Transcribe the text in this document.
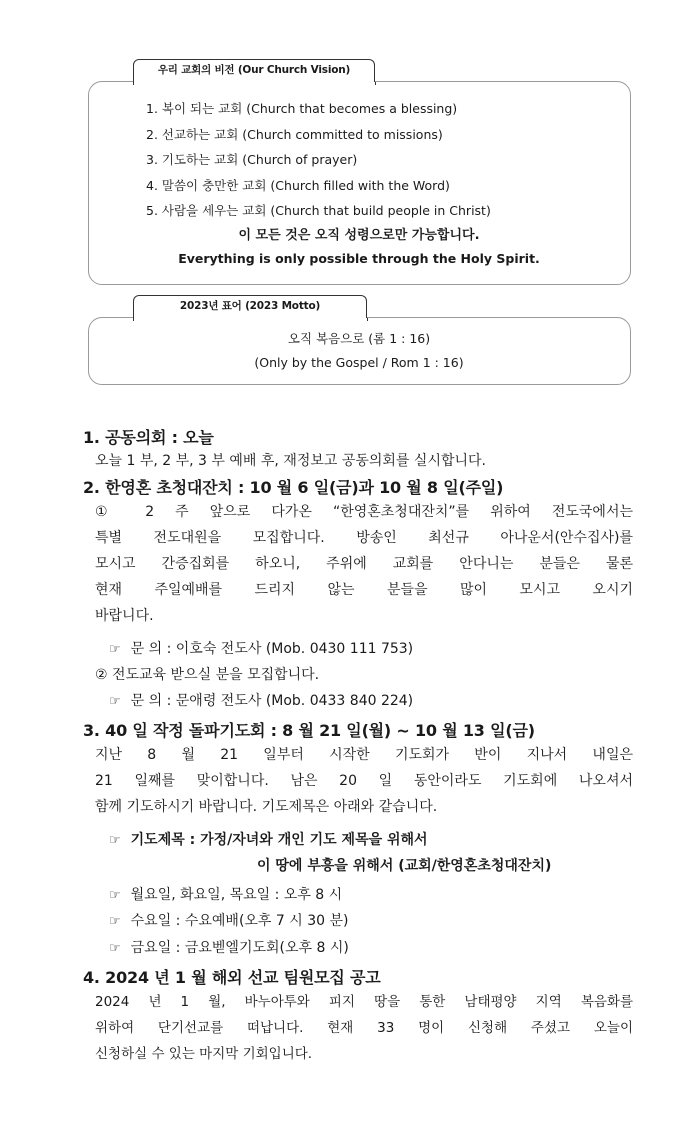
우리 교회의 비전 (Our Church Vision)
1. 복이 되는 교회 (Church that becomes a blessing)
2. 선교하는 교회 (Church committed to missions)
3. 기도하는 교회 (Church of prayer)
4. 말씀이 충만한 교회 (Church filled with the Word)
5. 사람을 세우는 교회 (Church that build people in Christ)
이 모든 것은 오직 성령으로만 가능합니다.
Everything is only possible through the Holy Spirit.
2023년 표어 (2023 Motto)
오직 복음으로 (롬 1 : 16)
(Only by the Gospel / Rom 1 : 16)
1. 공동의회 : 오늘
오늘 1 부, 2 부, 3 부 예배 후, 재정보고 공동의회를 실시합니다.
2. 한영혼 초청대잔치 : 10 월 6 일(금)과 10 월 8 일(주일)
① 2 주 앞으로 다가온 “한영혼초청대잔치”를 위하여 전도국에서는
특별 전도대원을 모집합니다. 방송인 최선규 아나운서(안수집사)를
모시고 간증집회를 하오니, 주위에 교회를 안다니는 분들은 물론
현재 주일예배를 드리지 않는 분들을 많이 모시고 오시기
바랍니다.
☞ 문 의 : 이호숙 전도사 (Mob. 0430 111 753)
② 전도교육 받으실 분을 모집합니다.
☞ 문 의 : 문애령 전도사 (Mob. 0433 840 224)
3. 40 일 작정 돌파기도회 : 8 월 21 일(월) ~ 10 월 13 일(금)
지난 8 월 21 일부터 시작한 기도회가 반이 지나서 내일은
21 일째를 맞이합니다. 남은 20 일 동안이라도 기도회에 나오셔서
함께 기도하시기 바랍니다. 기도제목은 아래와 같습니다.
☞ 기도제목 : 가정/자녀와 개인 기도 제목을 위해서
이 땅에 부흥을 위해서 (교회/한영혼초청대잔치)
☞ 월요일, 화요일, 목요일 : 오후 8 시
☞ 수요일 : 수요예배(오후 7 시 30 분)
☞ 금요일 : 금요벧엘기도회(오후 8 시)
4. 2024 년 1 월 해외 선교 팀원모집 공고
2024 년 1 월, 바누아투와 피지 땅을 통한 남태평양 지역 복음화를
위하여 단기선교를 떠납니다. 현재 33 명이 신청해 주셨고 오늘이
신청하실 수 있는 마지막 기회입니다.
